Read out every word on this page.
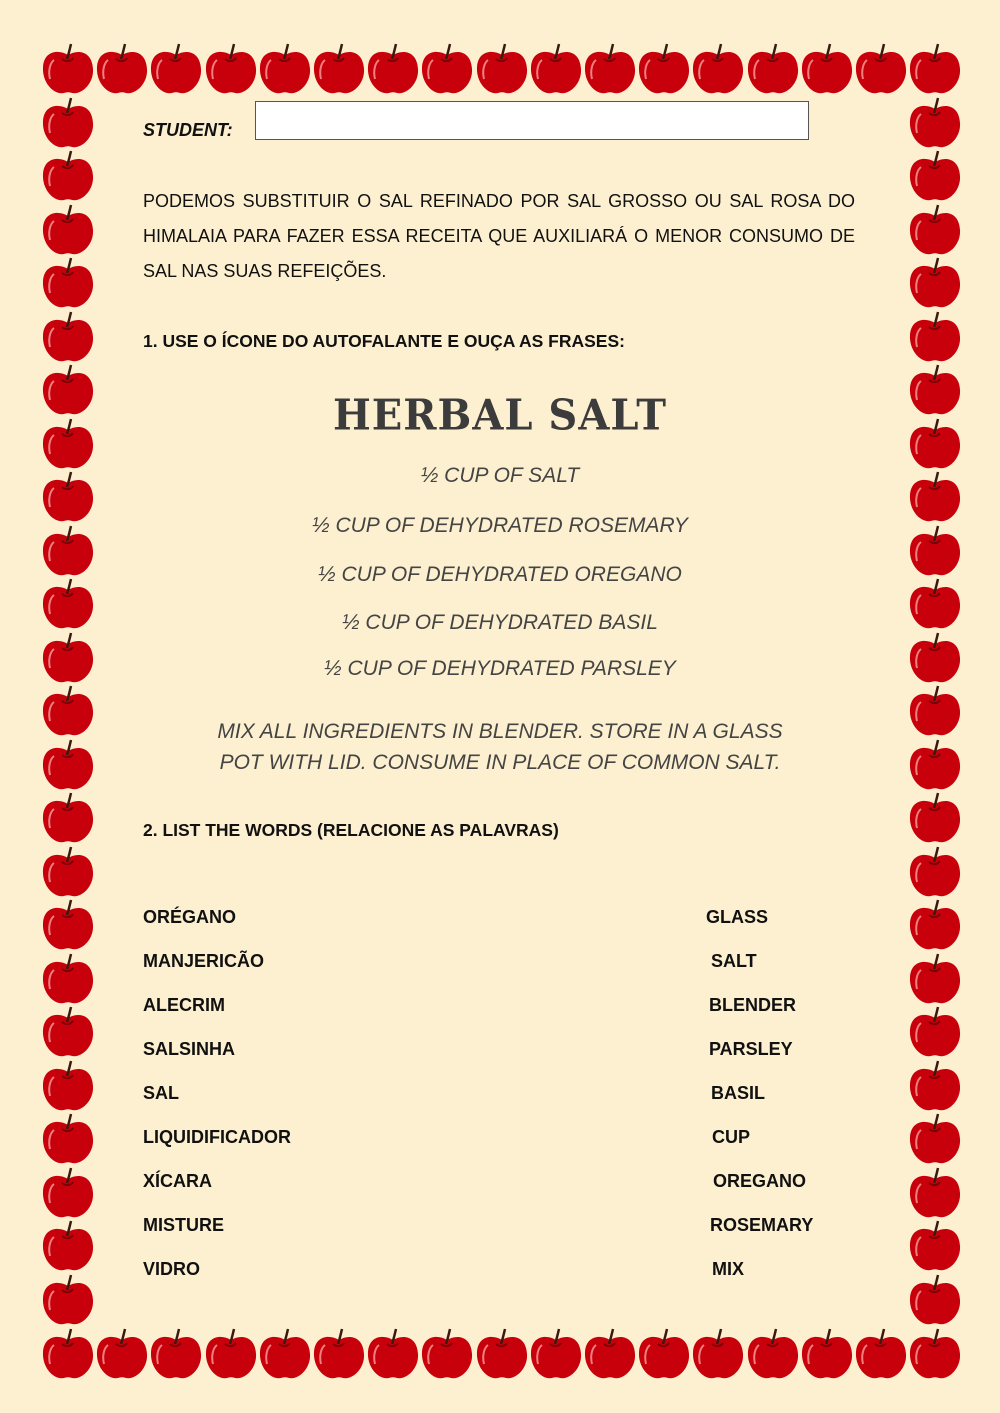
STUDENT:
PODEMOS SUBSTITUIR O SAL REFINADO POR SAL GROSSO OU SAL ROSA DO HIMALAIA PARA FAZER ESSA RECEITA QUE AUXILIARÁ O MENOR CONSUMO DE SAL NAS SUAS REFEIÇÕES.
1. USE O ÍCONE DO AUTOFALANTE E OUÇA AS FRASES:
HERBAL SALT
½ CUP OF SALT
½ CUP OF DEHYDRATED ROSEMARY
½ CUP OF DEHYDRATED OREGANO
½ CUP OF DEHYDRATED BASIL
½ CUP OF DEHYDRATED PARSLEY
MIX ALL INGREDIENTS IN BLENDER. STORE IN A GLASS
POT WITH LID. CONSUME IN PLACE OF COMMON SALT.
2. LIST THE WORDS (RELACIONE AS PALAVRAS)
ORÉGANO
MANJERICÃO
ALECRIM
SALSINHA
SAL
LIQUIDIFICADOR
XÍCARA
MISTURE
VIDRO
GLASS
SALT
BLENDER
PARSLEY
BASIL
CUP
OREGANO
ROSEMARY
MIX
